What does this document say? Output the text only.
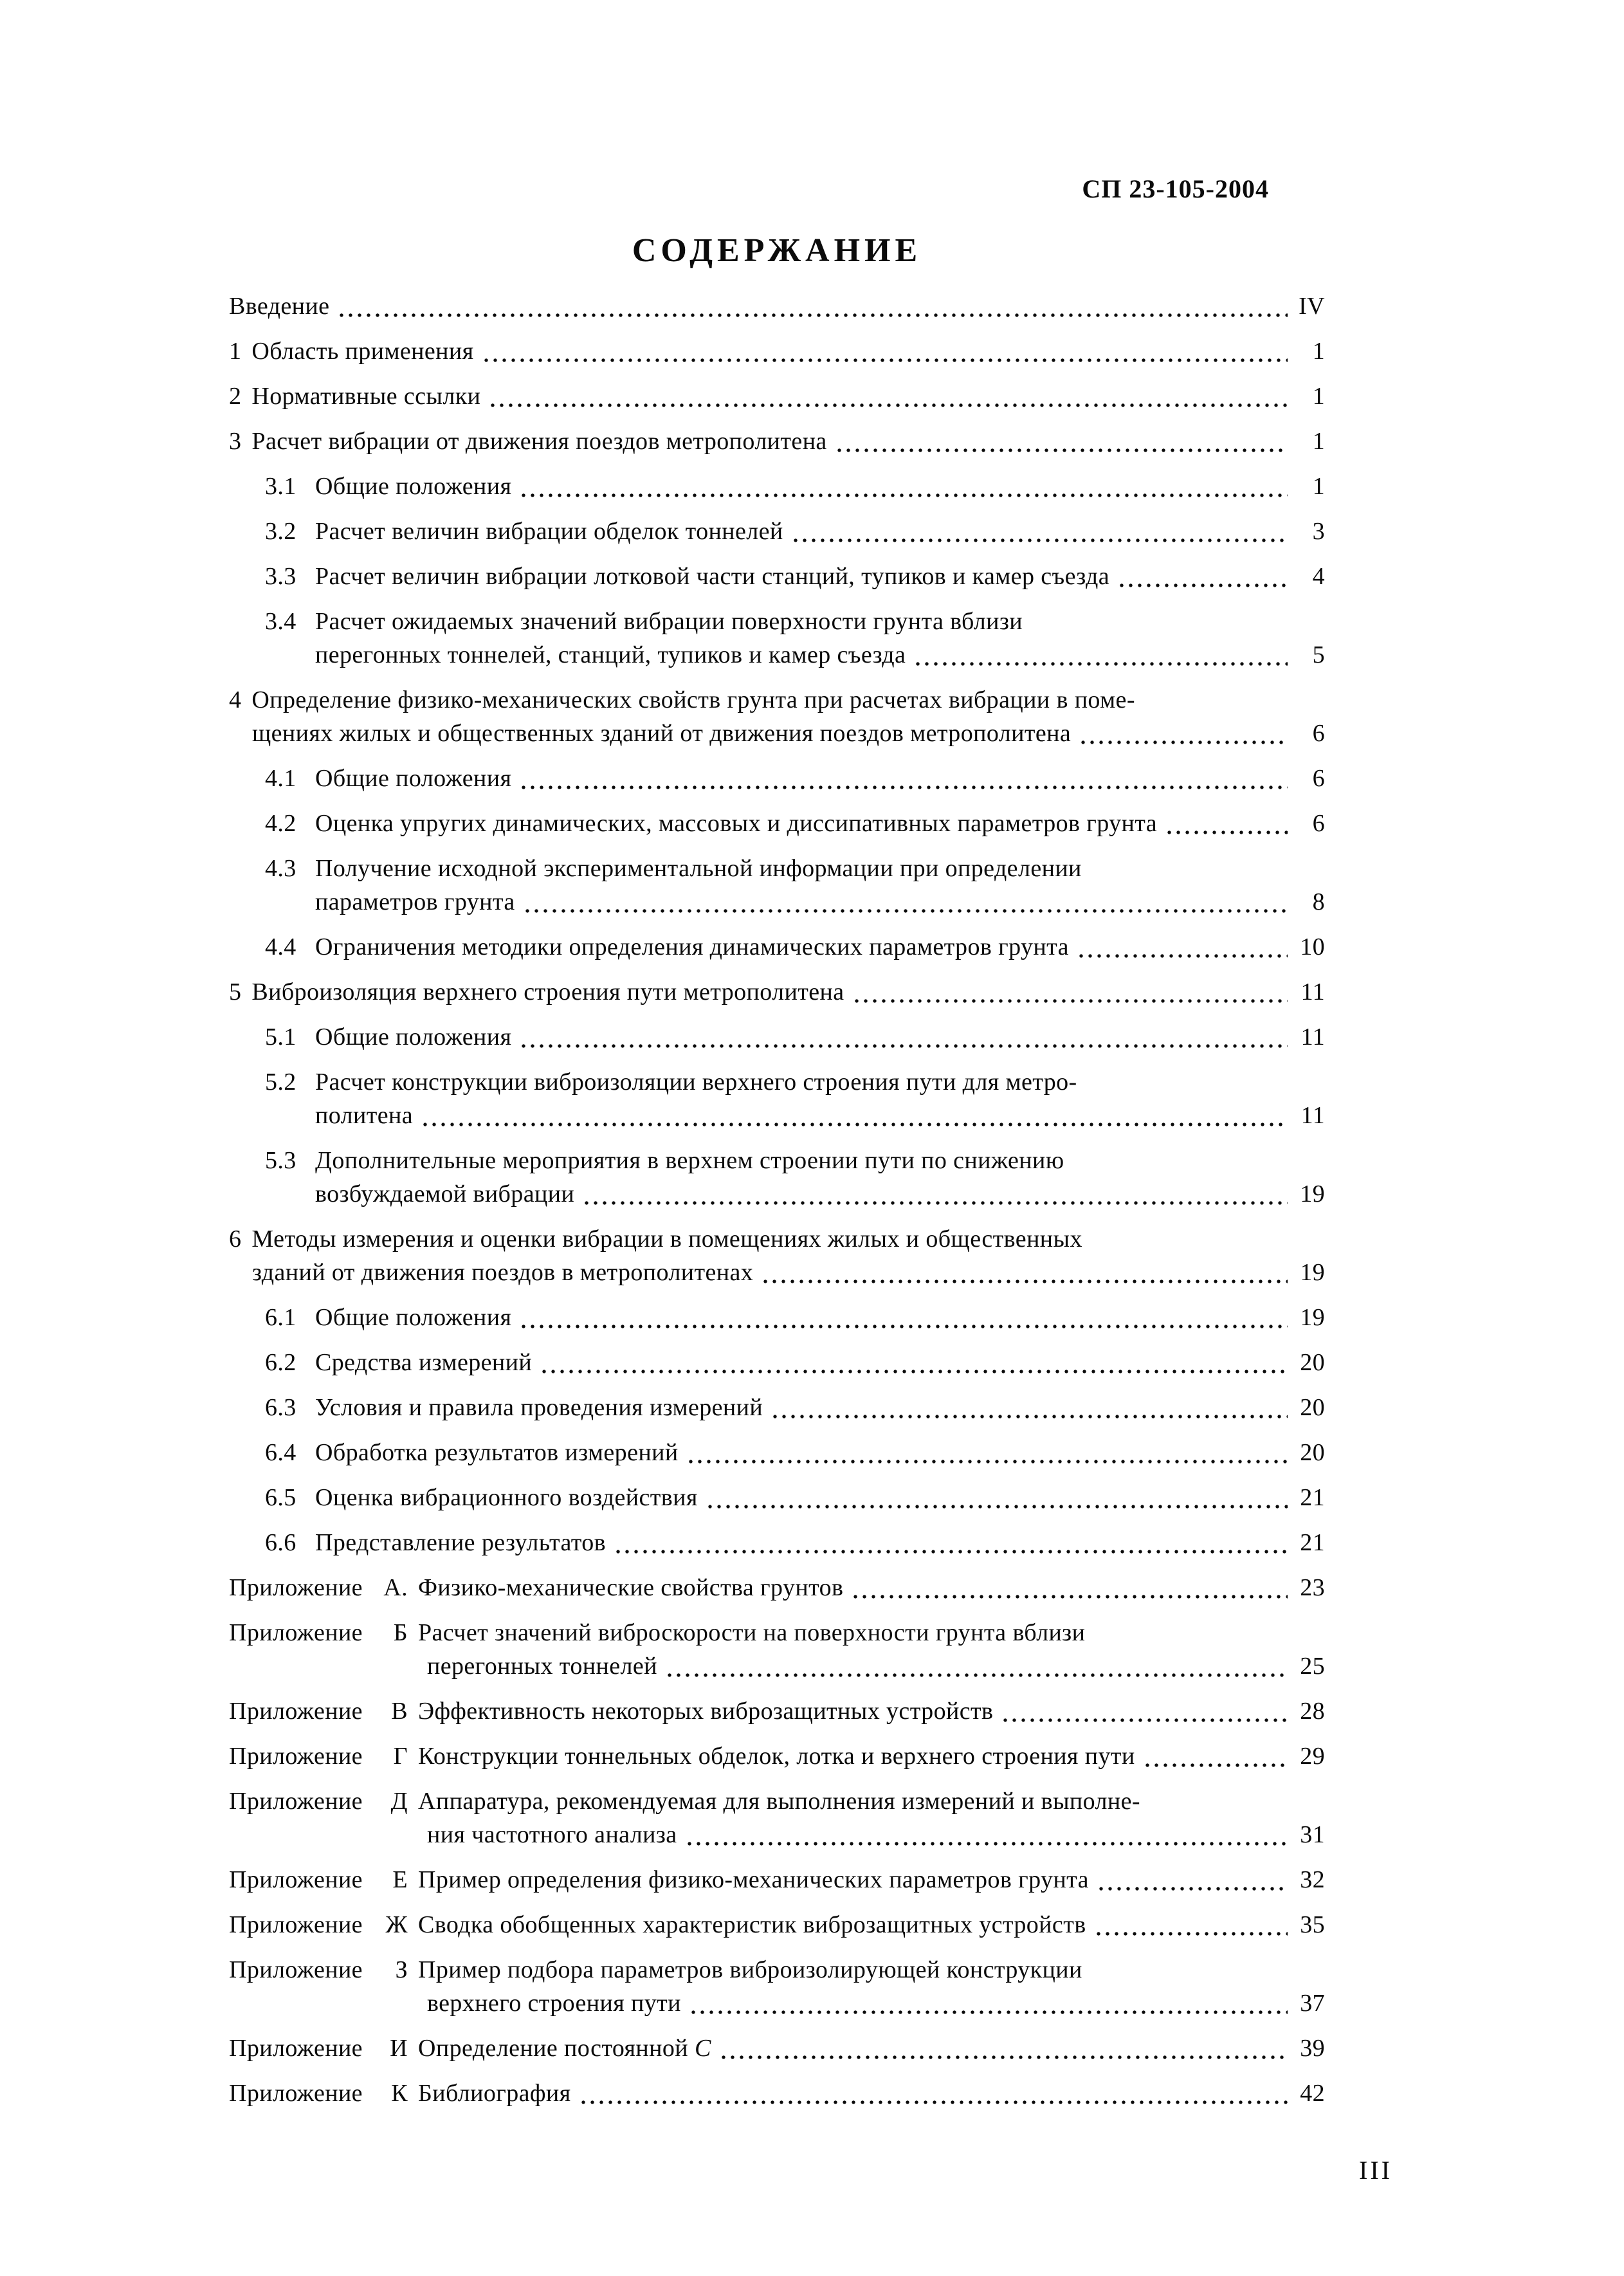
СП 23-105-2004
СОДЕРЖАНИЕ
Введение	IV
1 Область применения	1
2 Нормативные ссылки	1
3 Расчет вибрации от движения поездов метрополитена	1
3.1 Общие положения	1
3.2 Расчет величин вибрации обделок тоннелей	3
3.3 Расчет величин вибрации лотковой части станций, тупиков и камер съезда	4
3.4 Расчет ожидаемых значений вибрации поверхности грунта вблизи
перегонных тоннелей, станций, тупиков и камер съезда	5
4 Определение физико-механических свойств грунта при расчетах вибрации в поме-
щениях жилых и общественных зданий от движения поездов метрополитена	6
4.1 Общие положения	6
4.2 Оценка упругих динамических, массовых и диссипативных параметров грунта	6
4.3 Получение исходной экспериментальной информации при определении
параметров грунта	8
4.4 Ограничения методики определения динамических параметров грунта	10
5 Виброизоляция верхнего строения пути метрополитена	11
5.1 Общие положения	11
5.2 Расчет конструкции виброизоляции верхнего строения пути для метро-
политена	11
5.3 Дополнительные мероприятия в верхнем строении пути по снижению
возбуждаемой вибрации	19
6 Методы измерения и оценки вибрации в помещениях жилых и общественных
зданий от движения поездов в метрополитенах	19
6.1 Общие положения	19
6.2 Средства измерений	20
6.3 Условия и правила проведения измерений	20
6.4 Обработка результатов измерений	20
6.5 Оценка вибрационного воздействия	21
6.6 Представление результатов	21
Приложение А. Физико-механические свойства грунтов	23
Приложение Б Расчет значений виброскорости на поверхности грунта вблизи
перегонных тоннелей	25
Приложение В Эффективность некоторых виброзащитных устройств	28
Приложение Г Конструкции тоннельных обделок, лотка и верхнего строения пути	29
Приложение Д Аппаратура, рекомендуемая для выполнения измерений и выполне-
ния частотного анализа	31
Приложение Е Пример определения физико-механических параметров грунта	32
Приложение Ж Сводка обобщенных характеристик виброзащитных устройств	35
Приложение З Пример подбора параметров виброизолирующей конструкции
верхнего строения пути	37
Приложение И Определение постоянной С	39
Приложение К Библиография	42
III
